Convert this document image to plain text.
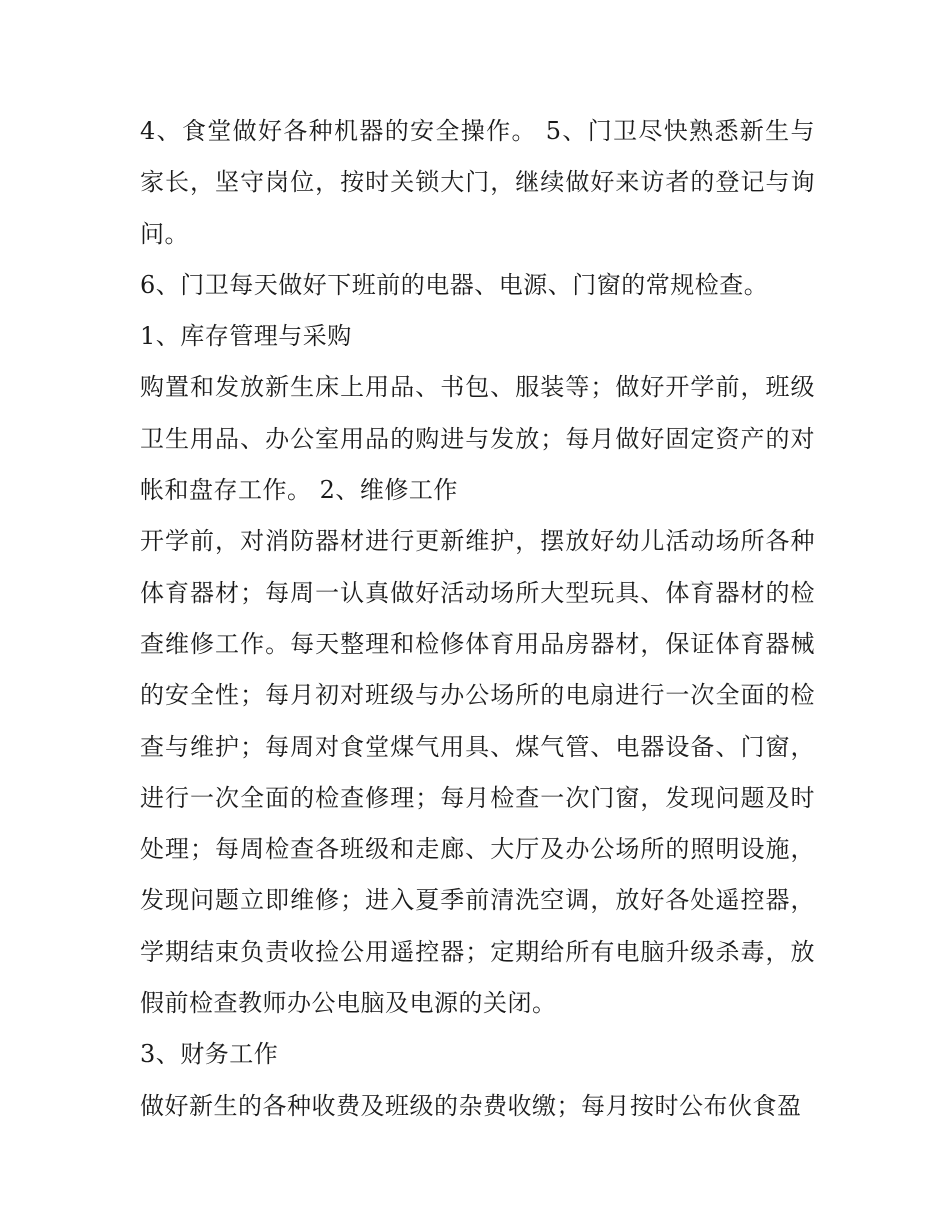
4、食堂做好各种机器的安全操作。 5、门卫尽快熟悉新生与家长，坚守岗位，按时关锁大门，继续做好来访者的登记与询问。

6、门卫每天做好下班前的电器、电源、门窗的常规检查。

1、库存管理与采购

购置和发放新生床上用品、书包、服装等；做好开学前，班级卫生用品、办公室用品的购进与发放；每月做好固定资产的对帐和盘存工作。 2、维修工作

开学前，对消防器材进行更新维护，摆放好幼儿活动场所各种体育器材；每周一认真做好活动场所大型玩具、体育器材的检查维修工作。每天整理和检修体育用品房器材，保证体育器械的安全性；每月初对班级与办公场所的电扇进行一次全面的检查与维护；每周对食堂煤气用具、煤气管、电器设备、门窗，进行一次全面的检查修理；每月检查一次门窗，发现问题及时处理；每周检查各班级和走廊、大厅及办公场所的照明设施，发现问题立即维修；进入夏季前清洗空调，放好各处遥控器，学期结束负责收捡公用遥控器；定期给所有电脑升级杀毒，放假前检查教师办公电脑及电源的关闭。

3、财务工作

做好新生的各种收费及班级的杂费收缴；每月按时公布伙食盈
